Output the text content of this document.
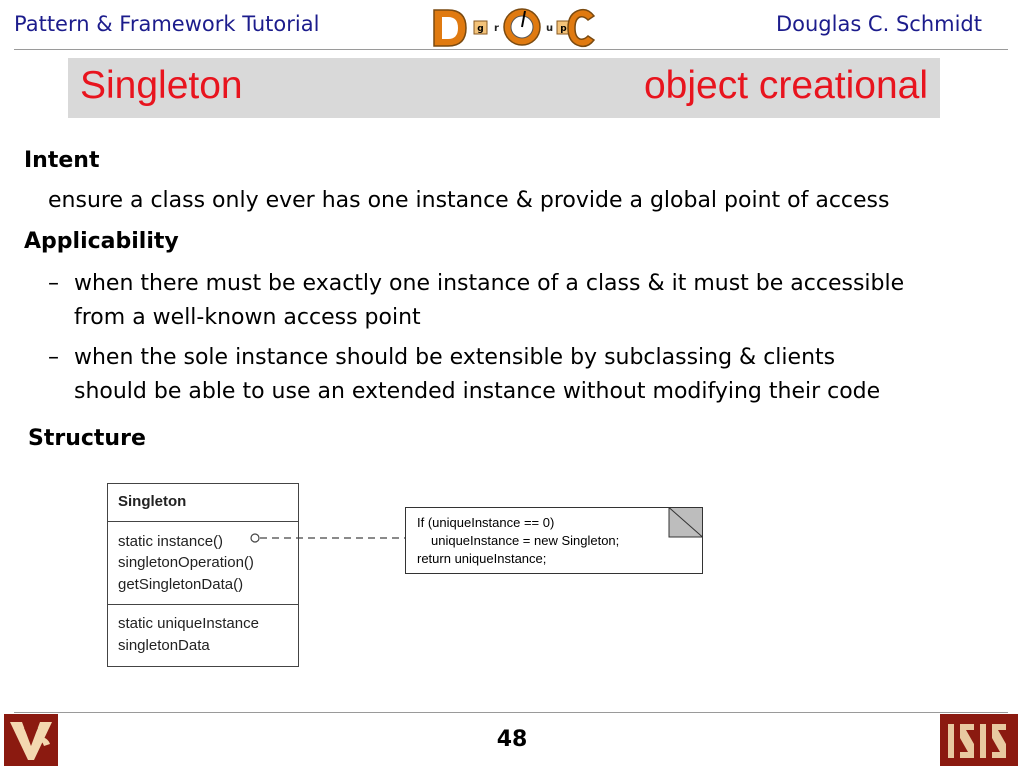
Pattern & Framework Tutorial	Douglas C. Schmidt
g r	u p
Singleton	object creational
Intent
ensure a class only ever has one instance & provide a global point of access
Applicability
– when there must be exactly one instance of a class & it must be accessible
from a well-known access point
– when the sole instance should be extensible by subclassing & clients
should be able to use an extended instance without modifying their code
Structure
Singleton
static instance()
singletonOperation()
getSingletonData()
static uniqueInstance
singletonData
If (uniqueInstance == 0)
uniqueInstance = new Singleton;
return uniqueInstance;
48
